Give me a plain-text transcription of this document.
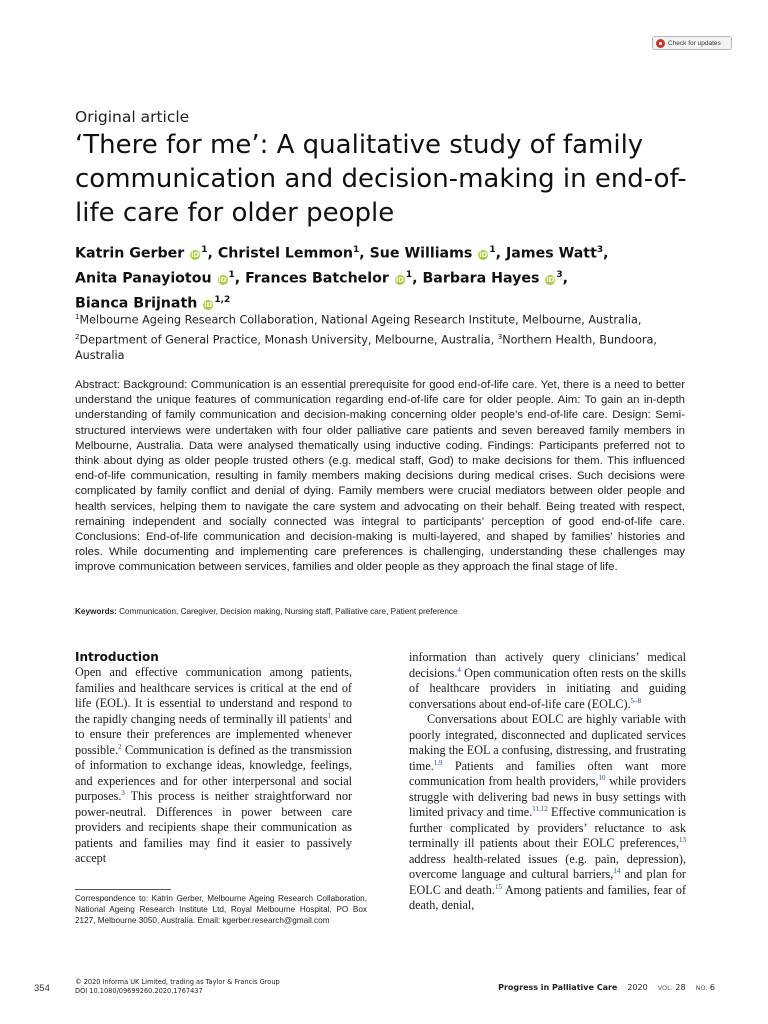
Check for updates
Original article
‘There for me’: A qualitative study of family communication and decision-making in end-of-life care for older people
Katrin Gerber iD $^1$, Christel Lemmon$^1$, Sue Williams iD $^1$, James Watt$^3$,
Anita Panayiotou iD $^1$, Frances Batchelor iD $^1$, Barbara Hayes iD $^3$,
Bianca Brijnath iD $^{1,2}$
$^1$Melbourne Ageing Research Collaboration, National Ageing Research Institute, Melbourne, Australia,
$^2$Department of General Practice, Monash University, Melbourne, Australia, $^3$Northern Health, Bundoora, Australia

Abstract: Background: Communication is an essential prerequisite for good end-of-life care. Yet, there is a need to better understand the unique features of communication regarding end-of-life care for older people. Aim: To gain an in-depth understanding of family communication and decision-making concerning older people’s end-of-life care. Design: Semi-structured interviews were undertaken with four older palliative care patients and seven bereaved family members in Melbourne, Australia. Data were analysed thematically using inductive coding. Findings: Participants preferred not to think about dying as older people trusted others (e.g. medical staff, God) to make decisions for them. This influenced end-of-life communication, resulting in family members making decisions during medical crises. Such decisions were complicated by family conflict and denial of dying. Family members were crucial mediators between older people and health services, helping them to navigate the care system and advocating on their behalf. Being treated with respect, remaining independent and socially connected was integral to participants’ perception of good end-of-life care. Conclusions: End-of-life communication and decision-making is multi-layered, and shaped by families’ histories and roles. While documenting and implementing care preferences is challenging, understanding these challenges may improve communication between services, families and older people as they approach the final stage of life.

Keywords: Communication, Caregiver, Decision making, Nursing staff, Palliative care, Patient preference
Introduction

Open and effective communication among patients, families and healthcare services is critical at the end of life (EOL). It is essential to understand and respond to the rapidly changing needs of terminally ill patients$^1$ and to ensure their preferences are implemented whenever possible.$^2$ Communication is defined as the transmission of information to exchange ideas, knowledge, feelings, and experiences and for other interpersonal and social purposes.$^3$ This process is neither straightforward nor power-neutral. Differences in power between care providers and recipients shape their communication as patients and families may find it easier to passively accept

Correspondence to: Katrin Gerber, Melbourne Ageing Research Collaboration, National Ageing Research Institute Ltd, Royal Melbourne Hospital, PO Box 2127, Melbourne 3050, Australia. Email: kgerber.research@gmail.com

information than actively query clinicians’ medical decisions.$^4$ Open communication often rests on the skills of healthcare providers in initiating and guiding conversations about end-of-life care (EOLC).$^{5-8}$

Conversations about EOLC are highly variable with poorly integrated, disconnected and duplicated services making the EOL a confusing, distressing, and frustrating time.$^{1,9}$ Patients and families often want more communication from health providers,$^{10}$ while providers struggle with delivering bad news in busy settings with limited privacy and time.$^{11,12}$ Effective communication is further complicated by providers’ reluctance to ask terminally ill patients about their EOLC preferences,$^{13}$ address health-related issues (e.g. pain, depression), overcome language and cultural barriers,$^{14}$ and plan for EOLC and death.$^{15}$ Among patients and families, fear of death, denial,

354
© 2020 Informa UK Limited, trading as Taylor & Francis Group
DOI 10.1080/09699260.2020.1767437	Progress in Palliative Care 2020 VOL. 28 NO. 6
